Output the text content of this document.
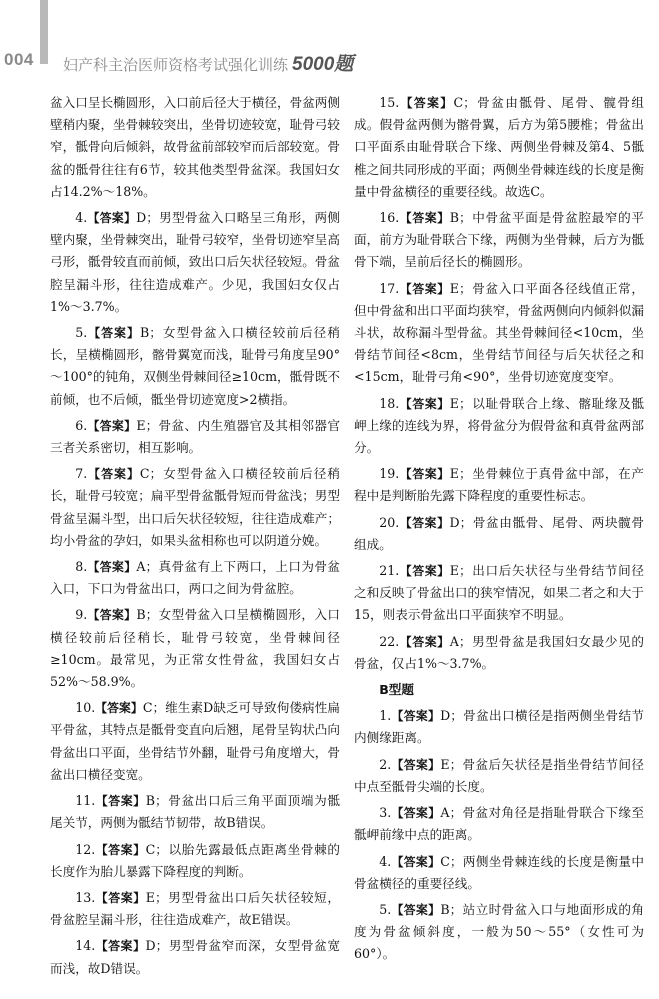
004 妇产科主治医师资格考试强化训练 5000题

盆入口呈长椭圆形，入口前后径大于横径，骨盆两侧壁稍内聚，坐骨棘较突出，坐骨切迹较宽，耻骨弓较窄，骶骨向后倾斜，故骨盆前部较窄而后部较宽。骨盆的骶骨往往有6节，较其他类型骨盆深。我国妇女占14.2%～18%。

4.【答案】D；男型骨盆入口略呈三角形，两侧壁内聚，坐骨棘突出，耻骨弓较窄，坐骨切迹窄呈高弓形，骶骨较直而前倾，致出口后矢状径较短。骨盆腔呈漏斗形，往往造成难产。少见，我国妇女仅占1%～3.7%。

5.【答案】B；女型骨盆入口横径较前后径稍长，呈横椭圆形，髂骨翼宽而浅，耻骨弓角度呈90°～100°的钝角，双侧坐骨棘间径≥10cm，骶骨既不前倾，也不后倾，骶坐骨切迹宽度>2横指。

6.【答案】E；骨盆、内生殖器官及其相邻器官三者关系密切，相互影响。

7.【答案】C；女型骨盆入口横径较前后径稍长，耻骨弓较宽；扁平型骨盆骶骨短而骨盆浅；男型骨盆呈漏斗型，出口后矢状径较短，往往造成难产；均小骨盆的孕妇，如果头盆相称也可以阴道分娩。

8.【答案】A；真骨盆有上下两口，上口为骨盆入口，下口为骨盆出口，两口之间为骨盆腔。

9.【答案】B；女型骨盆入口呈横椭圆形，入口横径较前后径稍长，耻骨弓较宽，坐骨棘间径≥10cm。最常见，为正常女性骨盆，我国妇女占52%～58.9%。

10.【答案】C；维生素D缺乏可导致佝偻病性扁平骨盆，其特点是骶骨变直向后翘，尾骨呈钩状凸向骨盆出口平面，坐骨结节外翻，耻骨弓角度增大，骨盆出口横径变宽。

11.【答案】B；骨盆出口后三角平面顶端为骶尾关节，两侧为骶结节韧带，故B错误。

12.【答案】C；以胎先露最低点距离坐骨棘的长度作为胎儿暴露下降程度的判断。

13.【答案】E；男型骨盆出口后矢状径较短，骨盆腔呈漏斗形，往往造成难产，故E错误。

14.【答案】D；男型骨盆窄而深，女型骨盆宽而浅，故D错误。

15.【答案】C；骨盆由骶骨、尾骨、髋骨组成。假骨盆两侧为髂骨翼，后方为第5腰椎；骨盆出口平面系由耻骨联合下缘、两侧坐骨棘及第4、5骶椎之间共同形成的平面；两侧坐骨棘连线的长度是衡量中骨盆横径的重要径线。故选C。

16.【答案】B；中骨盆平面是骨盆腔最窄的平面，前方为耻骨联合下缘，两侧为坐骨棘，后方为骶骨下端，呈前后径长的椭圆形。

17.【答案】E；骨盆入口平面各径线值正常，但中骨盆和出口平面均狭窄，骨盆两侧向内倾斜似漏斗状，故称漏斗型骨盆。其坐骨棘间径<10cm，坐骨结节间径<8cm，坐骨结节间径与后矢状径之和<15cm，耻骨弓角<90°，坐骨切迹宽度变窄。

18.【答案】E；以耻骨联合上缘、髂耻缘及骶岬上缘的连线为界，将骨盆分为假骨盆和真骨盆两部分。

19.【答案】E；坐骨棘位于真骨盆中部，在产程中是判断胎先露下降程度的重要性标志。

20.【答案】D；骨盆由骶骨、尾骨、两块髋骨组成。

21.【答案】E；出口后矢状径与坐骨结节间径之和反映了骨盆出口的狭窄情况，如果二者之和大于15，则表示骨盆出口平面狭窄不明显。

22.【答案】A；男型骨盆是我国妇女最少见的骨盆，仅占1%～3.7%。

B型题

1.【答案】D；骨盆出口横径是指两侧坐骨结节内侧缘距离。

2.【答案】E；骨盆后矢状径是指坐骨结节间径中点至骶骨尖端的长度。

3.【答案】A；骨盆对角径是指耻骨联合下缘至骶岬前缘中点的距离。

4.【答案】C；两侧坐骨棘连线的长度是衡量中骨盆横径的重要径线。

5.【答案】B；站立时骨盆入口与地面形成的角度为骨盆倾斜度，一般为50～55°（女性可为60°）。
